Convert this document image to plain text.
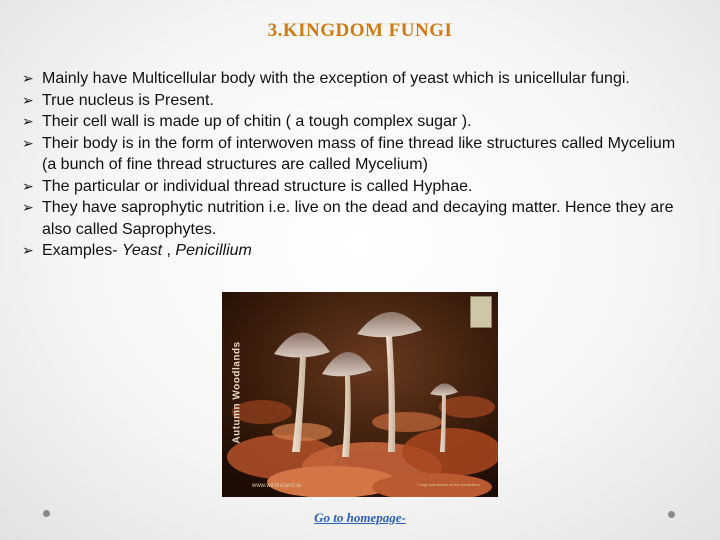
3.KINGDOM FUNGI
➢ Mainly have Multicellular body with the exception of yeast which is unicellular fungi.
➢ True nucleus is Present.
➢ Their cell wall is made up of chitin ( a tough complex sugar ).
➢ Their body is in the form of interwoven mass of fine thread like structures called Mycelium (a bunch of fine thread structures are called Mycelium)
➢ The particular or individual thread structure is called Hyphae.
➢ They have saprophytic nutrition i.e. live on the dead and decaying matter. Hence they are also called Saprophytes.
➢ Examples- Yeast , Penicillium
Autumn Woodlands
www.wildireland.ie	Fungi and leaves on the forest floor
Go to homepage-
